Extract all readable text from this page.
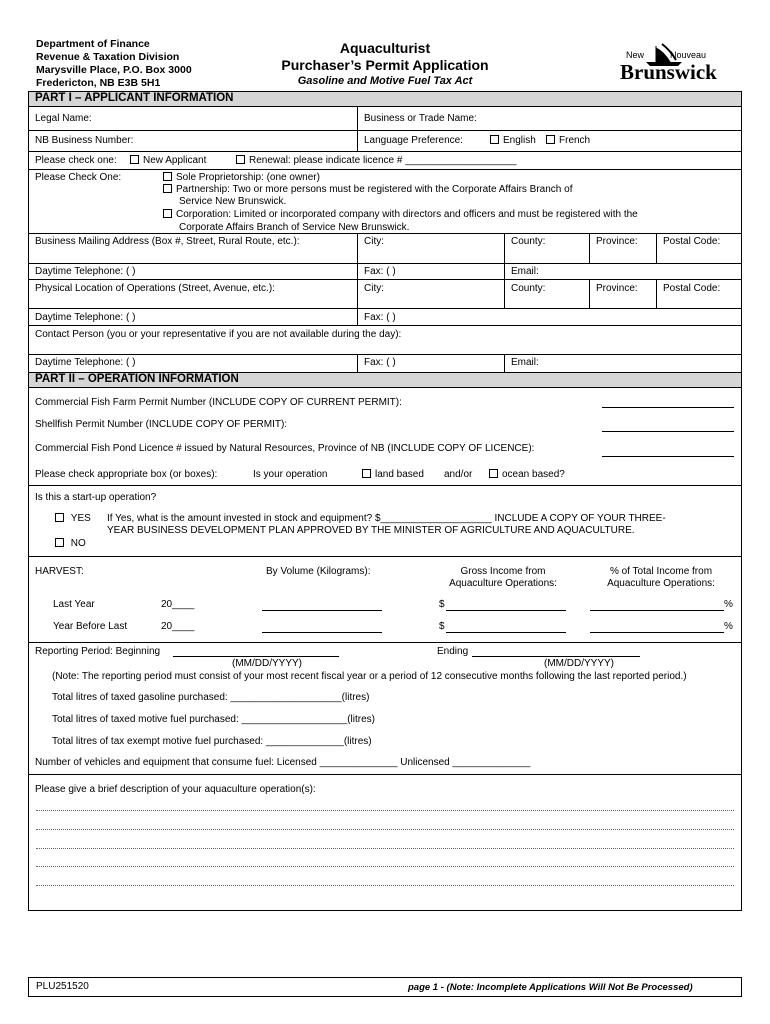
Department of Finance
Revenue & Taxation Division
Marysville Place, P.O. Box 3000
Fredericton, NB E3B 5H1
Aquaculturist
Purchaser’s Permit Application
Gasoline and Motive Fuel Tax Act
New	Nouveau
Brunswick
PART I – APPLICANT INFORMATION
Legal Name:	Business or Trade Name:
NB Business Number:	Language Preference:	English	French
Please check one:	New Applicant	Renewal: please indicate licence # ____________________
Please Check One:	Sole Proprietorship: (one owner)
Partnership: Two or more persons must be registered with the Corporate Affairs Branch of
Service New Brunswick.
Corporation: Limited or incorporated company with directors and officers and must be registered with the
Corporate Affairs Branch of Service New Brunswick.
Business Mailing Address (Box #, Street, Rural Route, etc.):	City:	County:	Province:	Postal Code:
Daytime Telephone: ( )	Fax: ( )	Email:
Physical Location of Operations (Street, Avenue, etc.):	City:	County:	Province:	Postal Code:
Daytime Telephone: ( )	Fax: ( )
Contact Person (you or your representative if you are not available during the day):
Daytime Telephone: ( )	Fax: ( )	Email:
PART II – OPERATION INFORMATION
Commercial Fish Farm Permit Number (INCLUDE COPY OF CURRENT PERMIT):
Shellfish Permit Number (INCLUDE COPY OF PERMIT):
Commercial Fish Pond Licence # issued by Natural Resources, Province of NB (INCLUDE COPY OF LICENCE):
Please check appropriate box (or boxes):	Is your operation	land based and/or	ocean based?
Is this a start-up operation?
YES If Yes, what is the amount invested in stock and equipment? $____________________ INCLUDE A COPY OF YOUR THREE-
YEAR BUSINESS DEVELOPMENT PLAN APPROVED BY THE MINISTER OF AGRICULTURE AND AQUACULTURE.
NO
HARVEST:	By Volume (Kilograms):	Gross Income from
Aquaculture Operations:
% of Total Income from
Aquaculture Operations:
Last Year	20____	$	%
Year Before Last	20____	$	%
Reporting Period: Beginning	Ending
(MM/DD/YYYY)	(MM/DD/YYYY)
(Note: The reporting period must consist of your most recent fiscal year or a period of 12 consecutive months following the last reported period.)
Total litres of taxed gasoline purchased: ____________________(litres)
Total litres of taxed motive fuel purchased: ___________________(litres)
Total litres of tax exempt motive fuel purchased: ______________(litres)
Number of vehicles and equipment that consume fuel: Licensed ______________ Unlicensed ______________
Please give a brief description of your aquaculture operation(s):
PLU251520	page 1 - (Note: Incomplete Applications Will Not Be Processed)
